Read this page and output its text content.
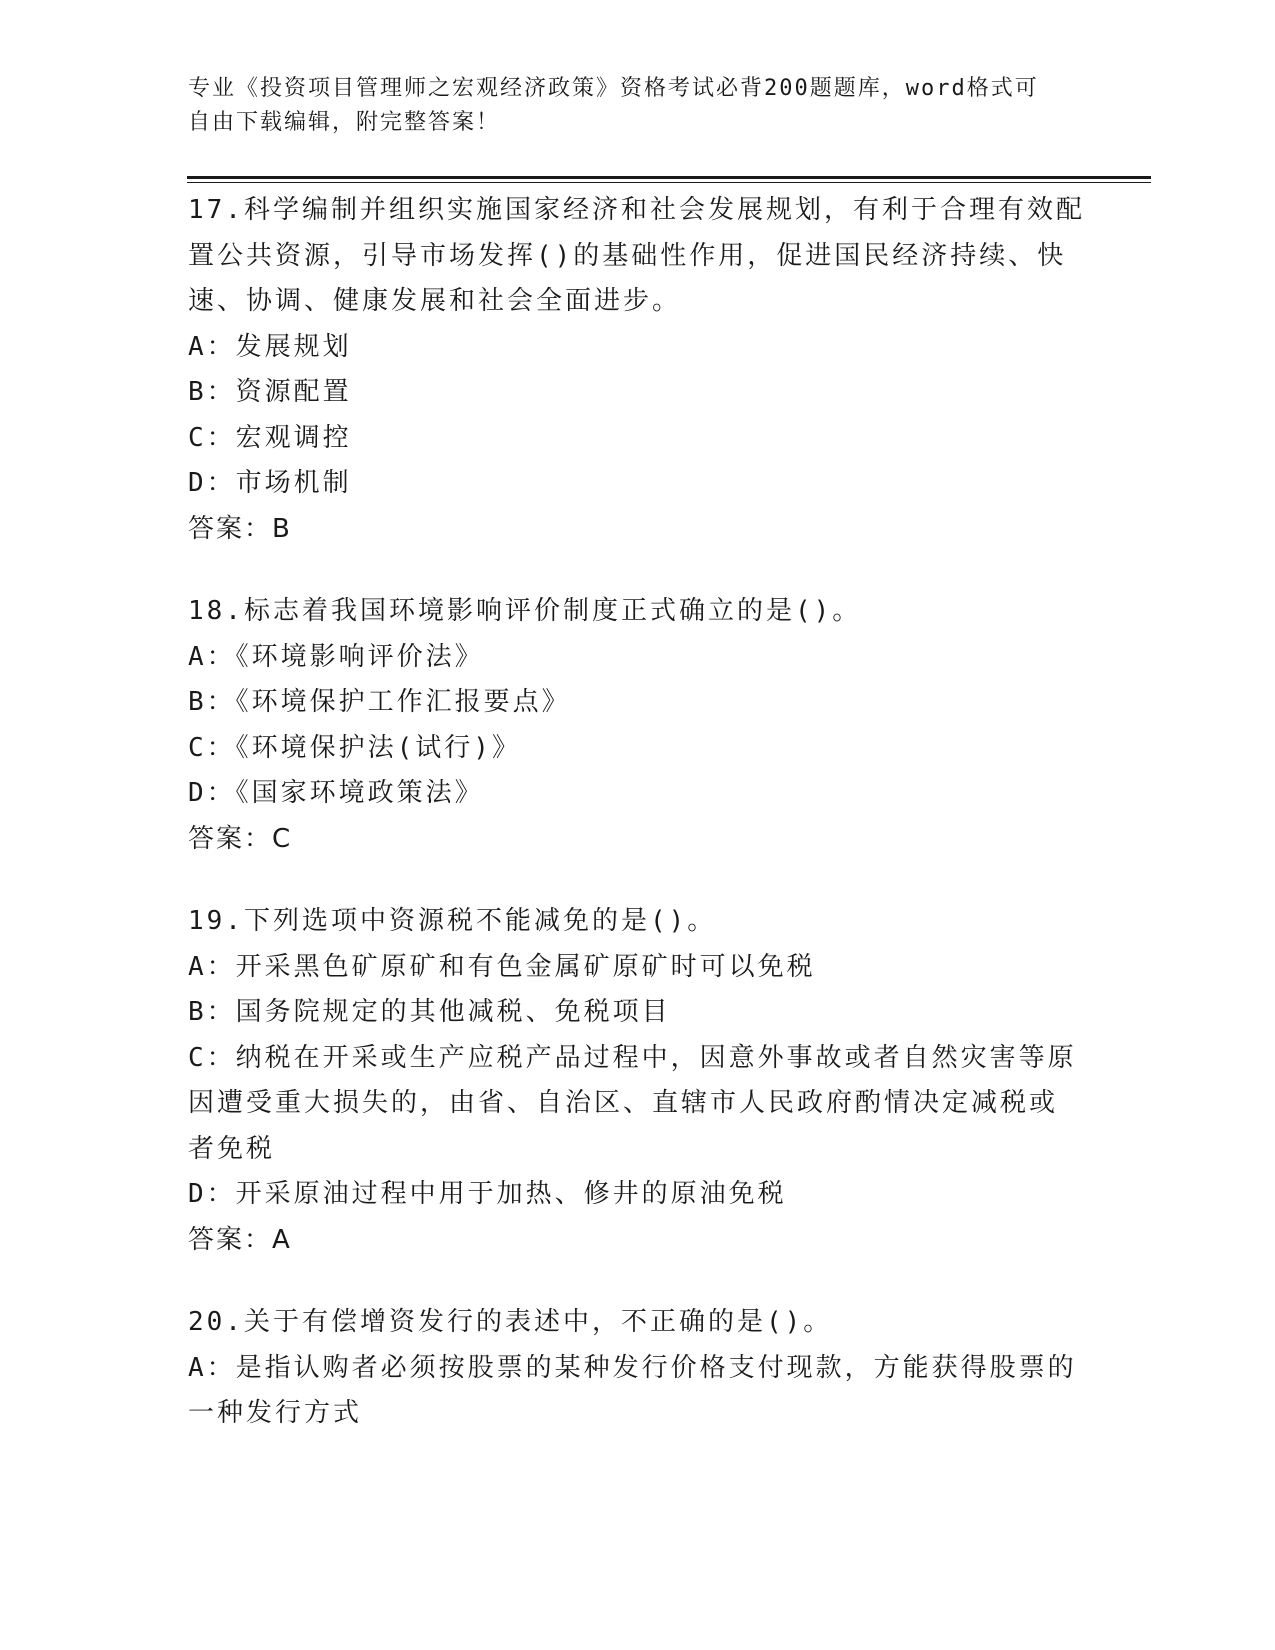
专业《投资项目管理师之宏观经济政策》资格考试必背200题题库，word格式可
自由下载编辑，附完整答案！
17.科学编制并组织实施国家经济和社会发展规划，有利于合理有效配
置公共资源，引导市场发挥()的基础性作用，促进国民经济持续、快
速、协调、健康发展和社会全面进步。
A：发展规划
B：资源配置
C：宏观调控
D：市场机制
答案：B
18.标志着我国环境影响评价制度正式确立的是()。
A：《环境影响评价法》
B：《环境保护工作汇报要点》
C：《环境保护法(试行)》
D：《国家环境政策法》
答案：C
19.下列选项中资源税不能减免的是()。
A：开采黑色矿原矿和有色金属矿原矿时可以免税
B：国务院规定的其他减税、免税项目
C：纳税在开采或生产应税产品过程中，因意外事故或者自然灾害等原
因遭受重大损失的，由省、自治区、直辖市人民政府酌情决定减税或
者免税
D：开采原油过程中用于加热、修井的原油免税
答案：A
20.关于有偿增资发行的表述中，不正确的是()。
A：是指认购者必须按股票的某种发行价格支付现款，方能获得股票的
一种发行方式
